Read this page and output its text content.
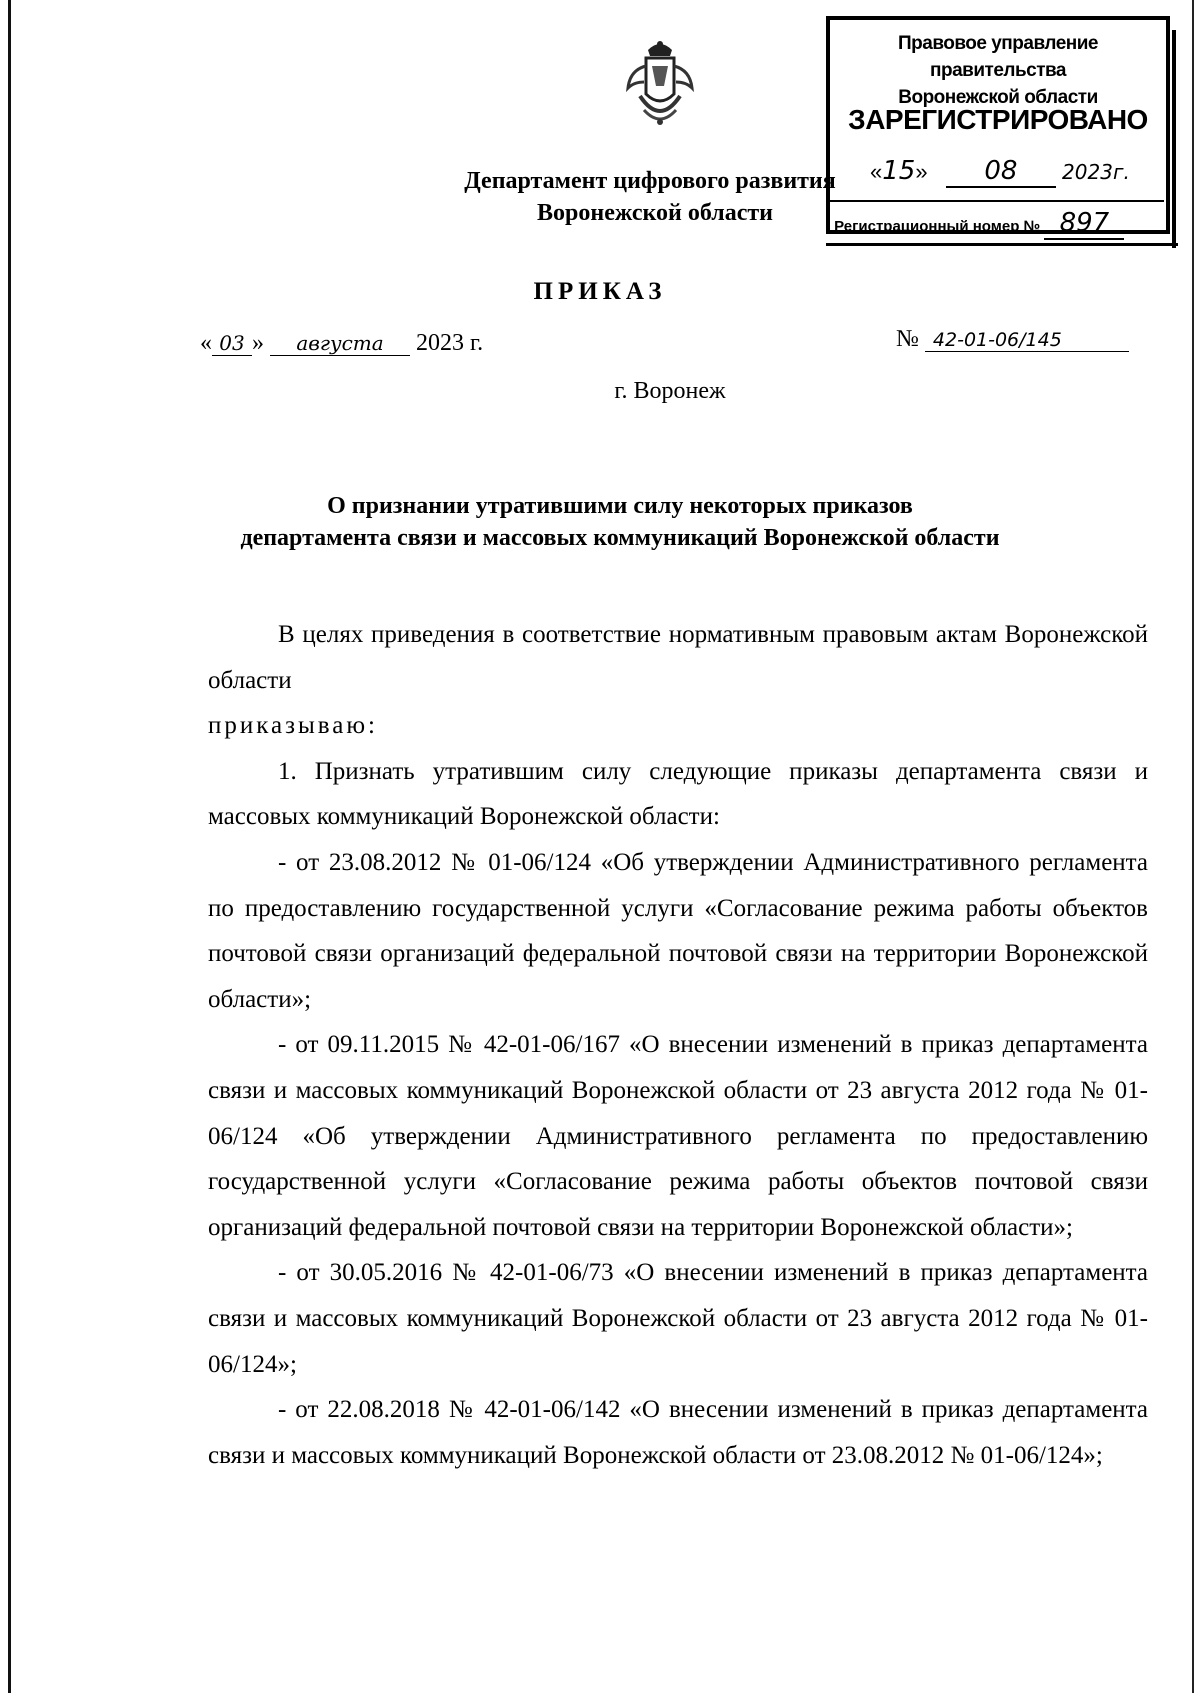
Правовое управление правительства
Воронежской области
ЗАРЕГИСТРИРОВАНО
«15»   08 2023г.
Регистрационный номер № 897
Департамент цифрового развития
Воронежской области
ПРИКАЗ
« 03 » августа 2023 г.	№ 42-01-06/145
г. Воронеж
О признании утратившими силу некоторых приказов
департамента связи и массовых коммуникаций Воронежской области

В целях приведения в соответствие нормативным правовым актам Воронежской области

приказываю:

1. Признать утратившим силу следующие приказы департамента связи и массовых коммуникаций Воронежской области:

- от 23.08.2012 № 01-06/124 «Об утверждении Административного регламента по предоставлению государственной услуги «Согласование режима работы объектов почтовой связи организаций федеральной почтовой связи на территории Воронежской области»;

- от 09.11.2015 № 42-01-06/167 «О внесении изменений в приказ департамента связи и массовых коммуникаций Воронежской области от 23 августа 2012 года № 01-06/124 «Об утверждении Административного регламента по предоставлению государственной услуги «Согласование режима работы объектов почтовой связи организаций федеральной почтовой связи на территории Воронежской области»;

- от 30.05.2016 № 42-01-06/73 «О внесении изменений в приказ департамента связи и массовых коммуникаций Воронежской области от 23 августа 2012 года № 01-06/124»;

- от 22.08.2018 № 42-01-06/142 «О внесении изменений в приказ департамента связи и массовых коммуникаций Воронежской области от 23.08.2012 № 01-06/124»;
